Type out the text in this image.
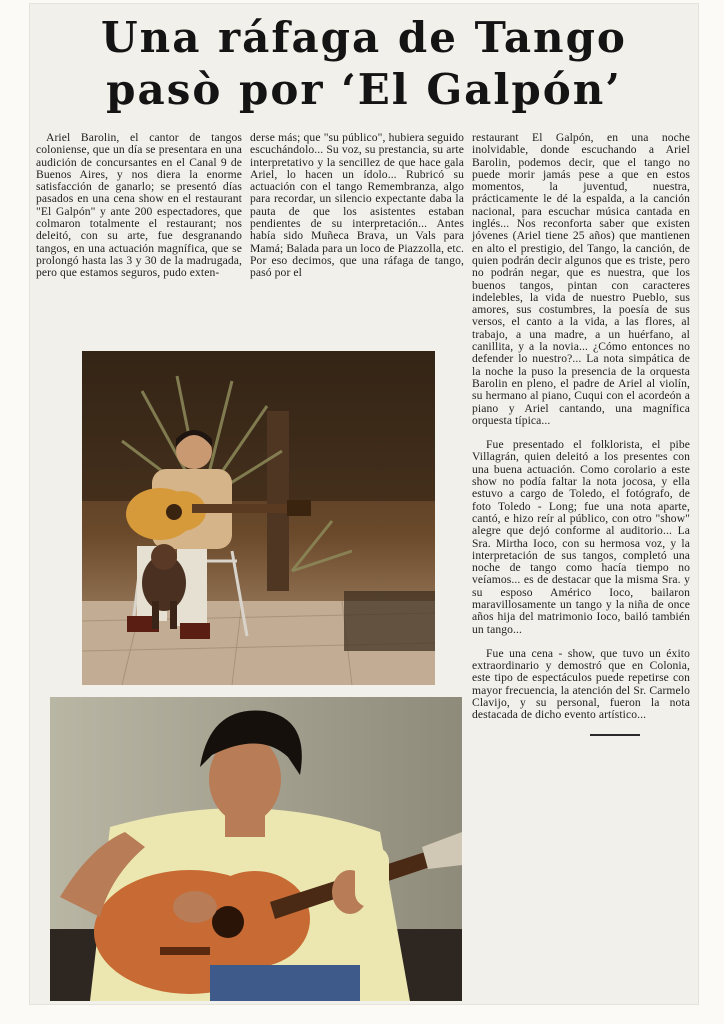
Una ráfaga de Tango
pasò por ‘El Galpón’
Ariel Barolin, el cantor de tangos coloniense, que un día se presentara en una audición de concursantes en el Canal 9 de Buenos Aires, y nos diera la enorme satisfacción de ganarlo; se presentó días pasados en una cena show en el restaurant "El Galpón" y ante 200 espectadores, que colmaron totalmente el restaurant; nos deleitó, con su arte, fue desgranando tangos, en una actuación magnífica, que se prolongó hasta las 3 y 30 de la madrugada, pero que estamos seguros, pudo exten-
derse más; que "su público", hubiera seguido escuchándolo... Su voz, su prestancia, su arte interpretativo y la sencillez de que hace gala Ariel, lo hacen un ídolo... Rubricó su actuación con el tango Remembranza, algo para recordar, un silencio expectante daba la pauta de que los asistentes estaban pendientes de su interpretación... Antes había sido Muñeca Brava, un Vals para Mamá; Balada para un loco de Piazzolla, etc. Por eso decimos, que una ráfaga de tango, pasó por el

restaurant El Galpón, en una noche inolvidable, donde escuchando a Ariel Barolin, podemos decir, que el tango no puede morir jamás pese a que en estos momentos, la juventud, nuestra, prácticamente le dé la espalda, a la canción nacional, para escuchar música cantada en inglés... Nos reconforta saber que existen jóvenes (Ariel tiene 25 años) que mantienen en alto el prestigio, del Tango, la canción, de quien podrán decir algunos que es triste, pero no podrán negar, que es nuestra, que los buenos tangos, pintan con caracteres indelebles, la vida de nuestro Pueblo, sus amores, sus costumbres, la poesía de sus versos, el canto a la vida, a las flores, al trabajo, a una madre, a un huérfano, al canillita, y a la novia... ¿Cómo entonces no defender lo nuestro?... La nota simpática de la noche la puso la presencia de la orquesta Barolin en pleno, el padre de Ariel al violín, su hermano al piano, Cuqui con el acordeón a piano y Ariel cantando, una magnífica orquesta típica...

Fue presentado el folklorista, el pibe Villagrán, quien deleitó a los presentes con una buena actuación. Como corolario a este show no podía faltar la nota jocosa, y ella estuvo a cargo de Toledo, el fotógrafo, de foto Toledo - Long; fue una nota aparte, cantó, e hizo reír al público, con otro "show" alegre que dejó conforme al auditorio... La Sra. Mirtha Ioco, con su hermosa voz, y la interpretación de sus tangos, completó una noche de tango como hacía tiempo no veíamos... es de destacar que la misma Sra. y su esposo Américo Ioco, bailaron maravillosamente un tango y la niña de once años hija del matrimonio Ioco, bailó también un tango...

Fue una cena - show, que tuvo un éxito extraordinario y demostró que en Colonia, este tipo de espectáculos puede repetirse con mayor frecuencia, la atención del Sr. Carmelo Clavijo, y su personal, fueron la nota destacada de dicho evento artístico...
